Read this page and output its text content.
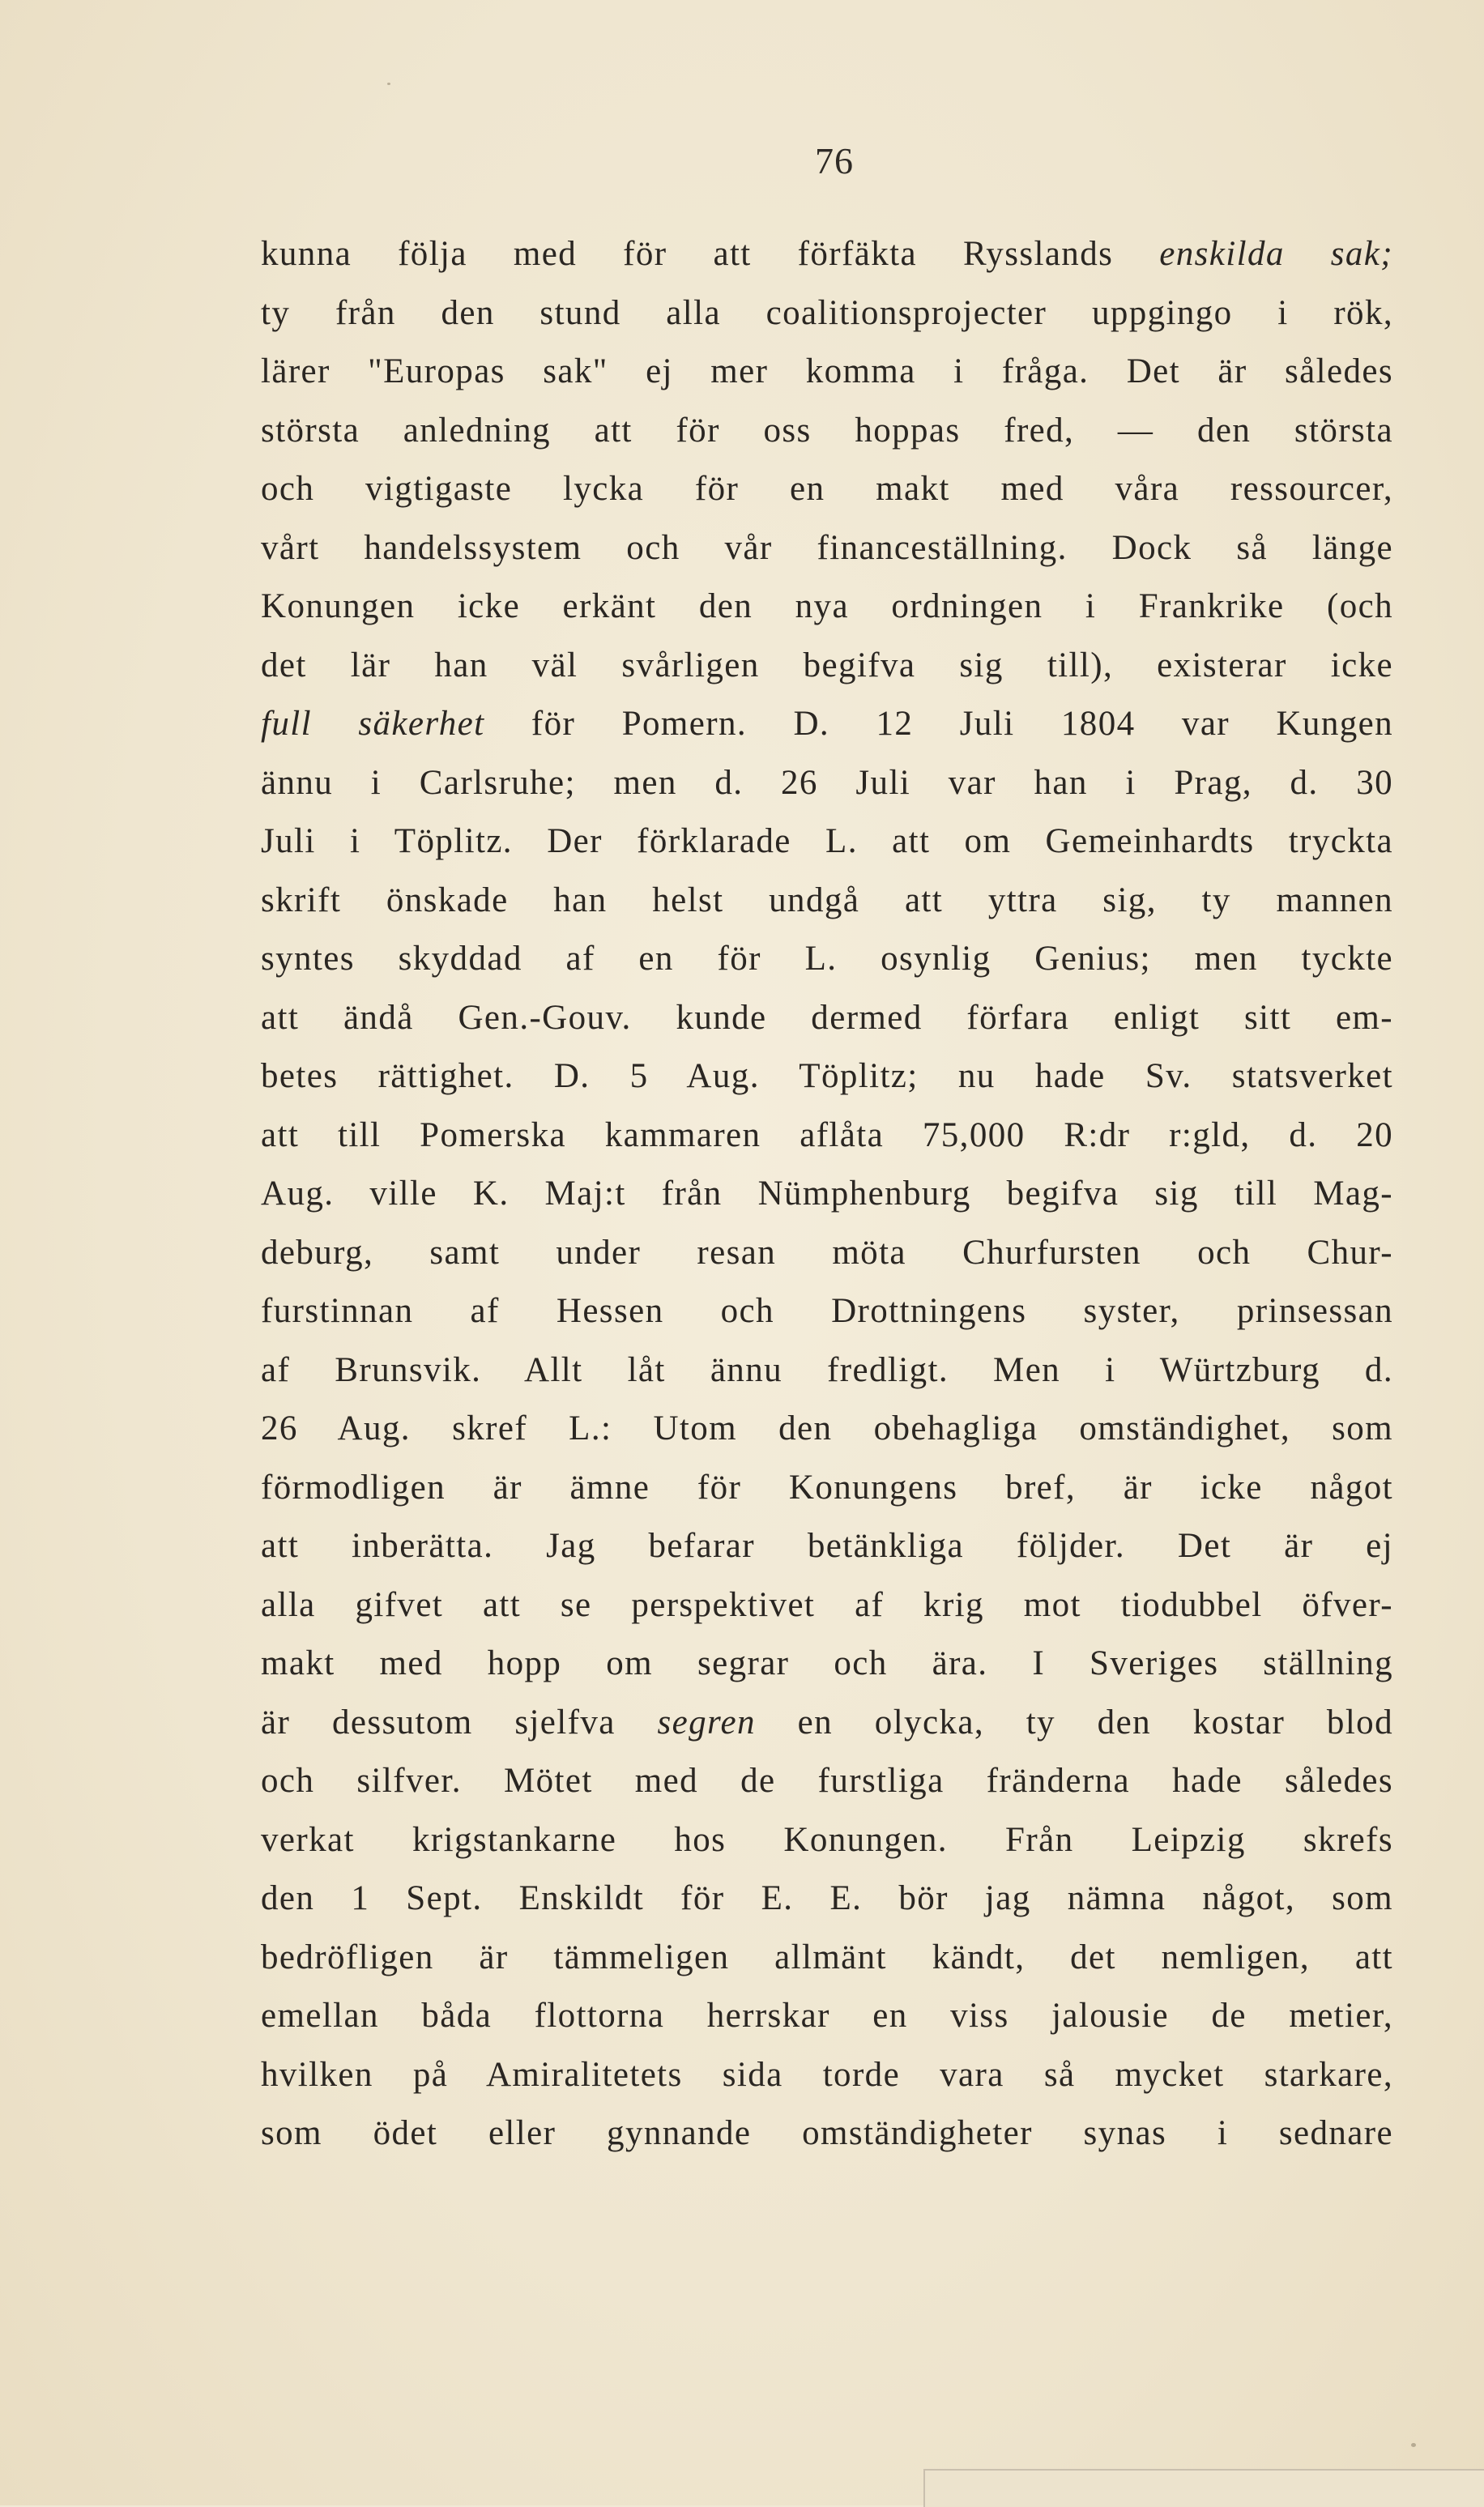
76
kunna följa med för att förfäkta Rysslands enskilda sak;
ty från den stund alla coalitionsprojecter uppgingo i rök,
lärer "Europas sak" ej mer komma i fråga. Det är således
största anledning att för oss hoppas fred, — den största
och vigtigaste lycka för en makt med våra ressourcer,
vårt handelssystem och vår financeställning. Dock så länge
Konungen icke erkänt den nya ordningen i Frankrike (och
det lär han väl svårligen begifva sig till), existerar icke
full säkerhet för Pomern. D. 12 Juli 1804 var Kungen
ännu i Carlsruhe; men d. 26 Juli var han i Prag, d. 30
Juli i Töplitz. Der förklarade L. att om Gemeinhardts tryckta
skrift önskade han helst undgå att yttra sig, ty mannen
syntes skyddad af en för L. osynlig Genius; men tyckte
att ändå Gen.-Gouv. kunde dermed förfara enligt sitt em-
betes rättighet. D. 5 Aug. Töplitz; nu hade Sv. statsverket
att till Pomerska kammaren aflåta 75,000 R:dr r:gld, d. 20
Aug. ville K. Maj:t från Nümphenburg begifva sig till Mag-
deburg, samt under resan möta Churfursten och Chur-
furstinnan af Hessen och Drottningens syster, prinsessan
af Brunsvik. Allt låt ännu fredligt. Men i Würtzburg d.
26 Aug. skref L.: Utom den obehagliga omständighet, som
förmodligen är ämne för Konungens bref, är icke något
att inberätta. Jag befarar betänkliga följder. Det är ej
alla gifvet att se perspektivet af krig mot tiodubbel öfver-
makt med hopp om segrar och ära. I Sveriges ställning
är dessutom sjelfva segren en olycka, ty den kostar blod
och silfver. Mötet med de furstliga fränderna hade således
verkat krigstankarne hos Konungen. Från Leipzig skrefs
den 1 Sept. Enskildt för E. E. bör jag nämna något, som
bedröfligen är tämmeligen allmänt kändt, det nemligen, att
emellan båda flottorna herrskar en viss jalousie de metier,
hvilken på Amiralitetets sida torde vara så mycket starkare,
som ödet eller gynnande omständigheter synas i sednare
